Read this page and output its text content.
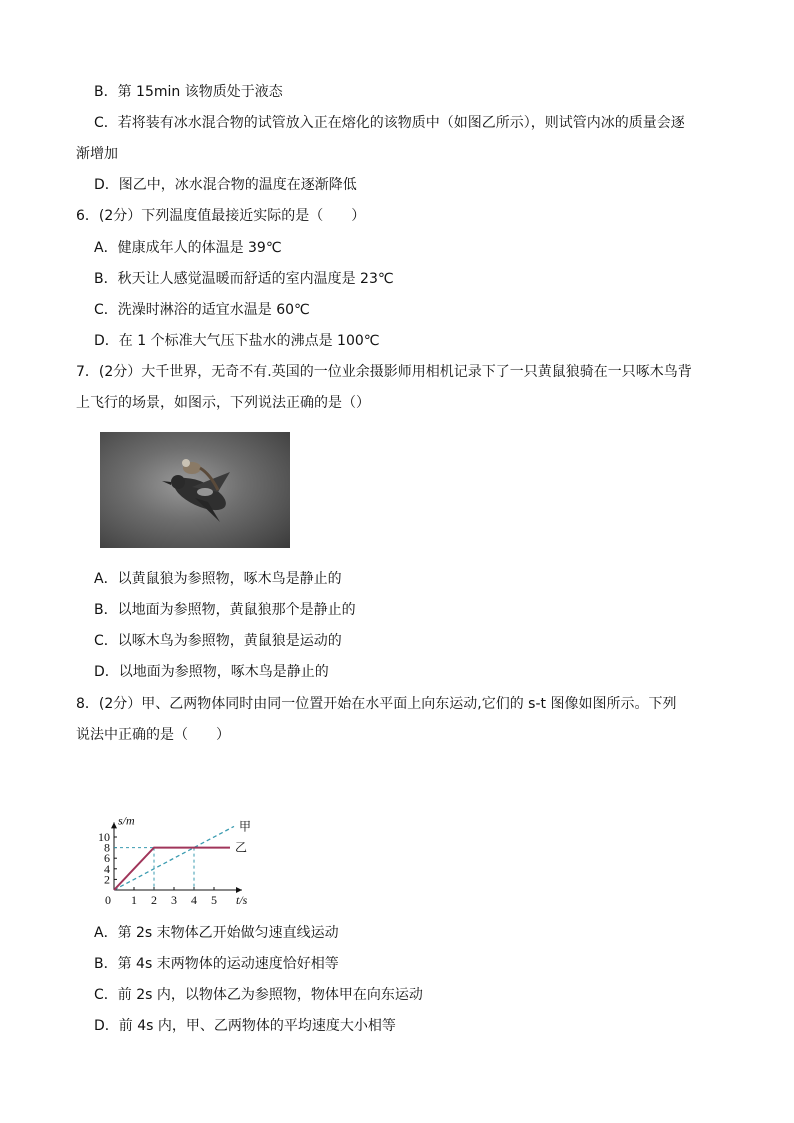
B．第 15min 该物质处于液态
C．若将装有冰水混合物的试管放入正在熔化的该物质中（如图乙所示），则试管内冰的质量会逐
渐增加
D．图乙中，冰水混合物的温度在逐渐降低
6．(2分）下列温度值最接近实际的是（　　）
A．健康成年人的体温是 39℃
B．秋天让人感觉温暖而舒适的室内温度是 23℃
C．洗澡时淋浴的适宜水温是 60℃
D．在 1 个标准大气压下盐水的沸点是 100℃
7．(2分）大千世界，无奇不有.英国的一位业余摄影师用相机记录下了一只黄鼠狼骑在一只啄木鸟背
上飞行的场景，如图示，下列说法正确的是（）
A．以黄鼠狼为参照物，啄木鸟是静止的
B．以地面为参照物，黄鼠狼那个是静止的
C．以啄木鸟为参照物，黄鼠狼是运动的
D．以地面为参照物，啄木鸟是静止的
8．(2分）甲、乙两物体同时由同一位置开始在水平面上向东运动,它们的 s-t 图像如图所示。下列
说法中正确的是（　　）
0 1 2 3 4 5
2
4
6
8
10
s/m
t/s
甲
乙
A．第 2s 末物体乙开始做匀速直线运动
B．第 4s 末两物体的运动速度恰好相等
C．前 2s 内，以物体乙为参照物，物体甲在向东运动
D．前 4s 内，甲、乙两物体的平均速度大小相等
